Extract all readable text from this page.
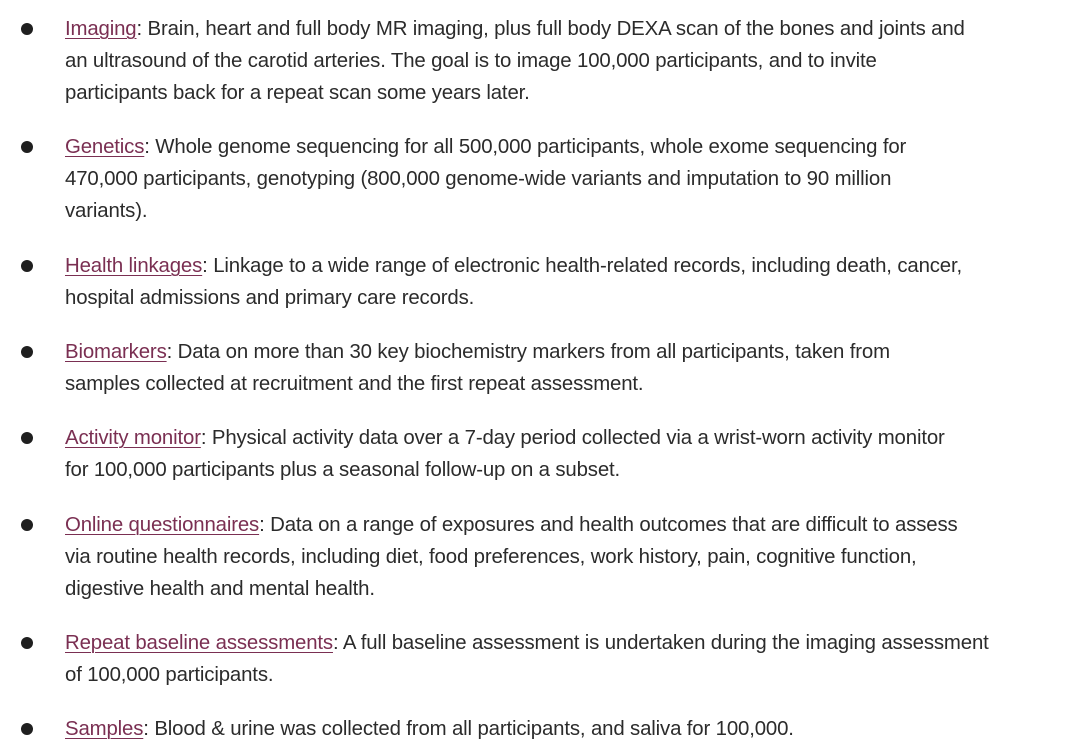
Imaging: Brain, heart and full body MR imaging, plus full body DEXA scan of the bones and joints and
an ultrasound of the carotid arteries. The goal is to image 100,000 participants, and to invite
participants back for a repeat scan some years later.
Genetics: Whole genome sequencing for all 500,000 participants, whole exome sequencing for
470,000 participants, genotyping (800,000 genome-wide variants and imputation to 90 million
variants).
Health linkages: Linkage to a wide range of electronic health-related records, including death, cancer,
hospital admissions and primary care records.
Biomarkers: Data on more than 30 key biochemistry markers from all participants, taken from
samples collected at recruitment and the first repeat assessment.
Activity monitor: Physical activity data over a 7-day period collected via a wrist-worn activity monitor
for 100,000 participants plus a seasonal follow-up on a subset.
Online questionnaires: Data on a range of exposures and health outcomes that are difficult to assess
via routine health records, including diet, food preferences, work history, pain, cognitive function,
digestive health and mental health.
Repeat baseline assessments: A full baseline assessment is undertaken during the imaging assessment
of 100,000 participants.
Samples: Blood & urine was collected from all participants, and saliva for 100,000.
